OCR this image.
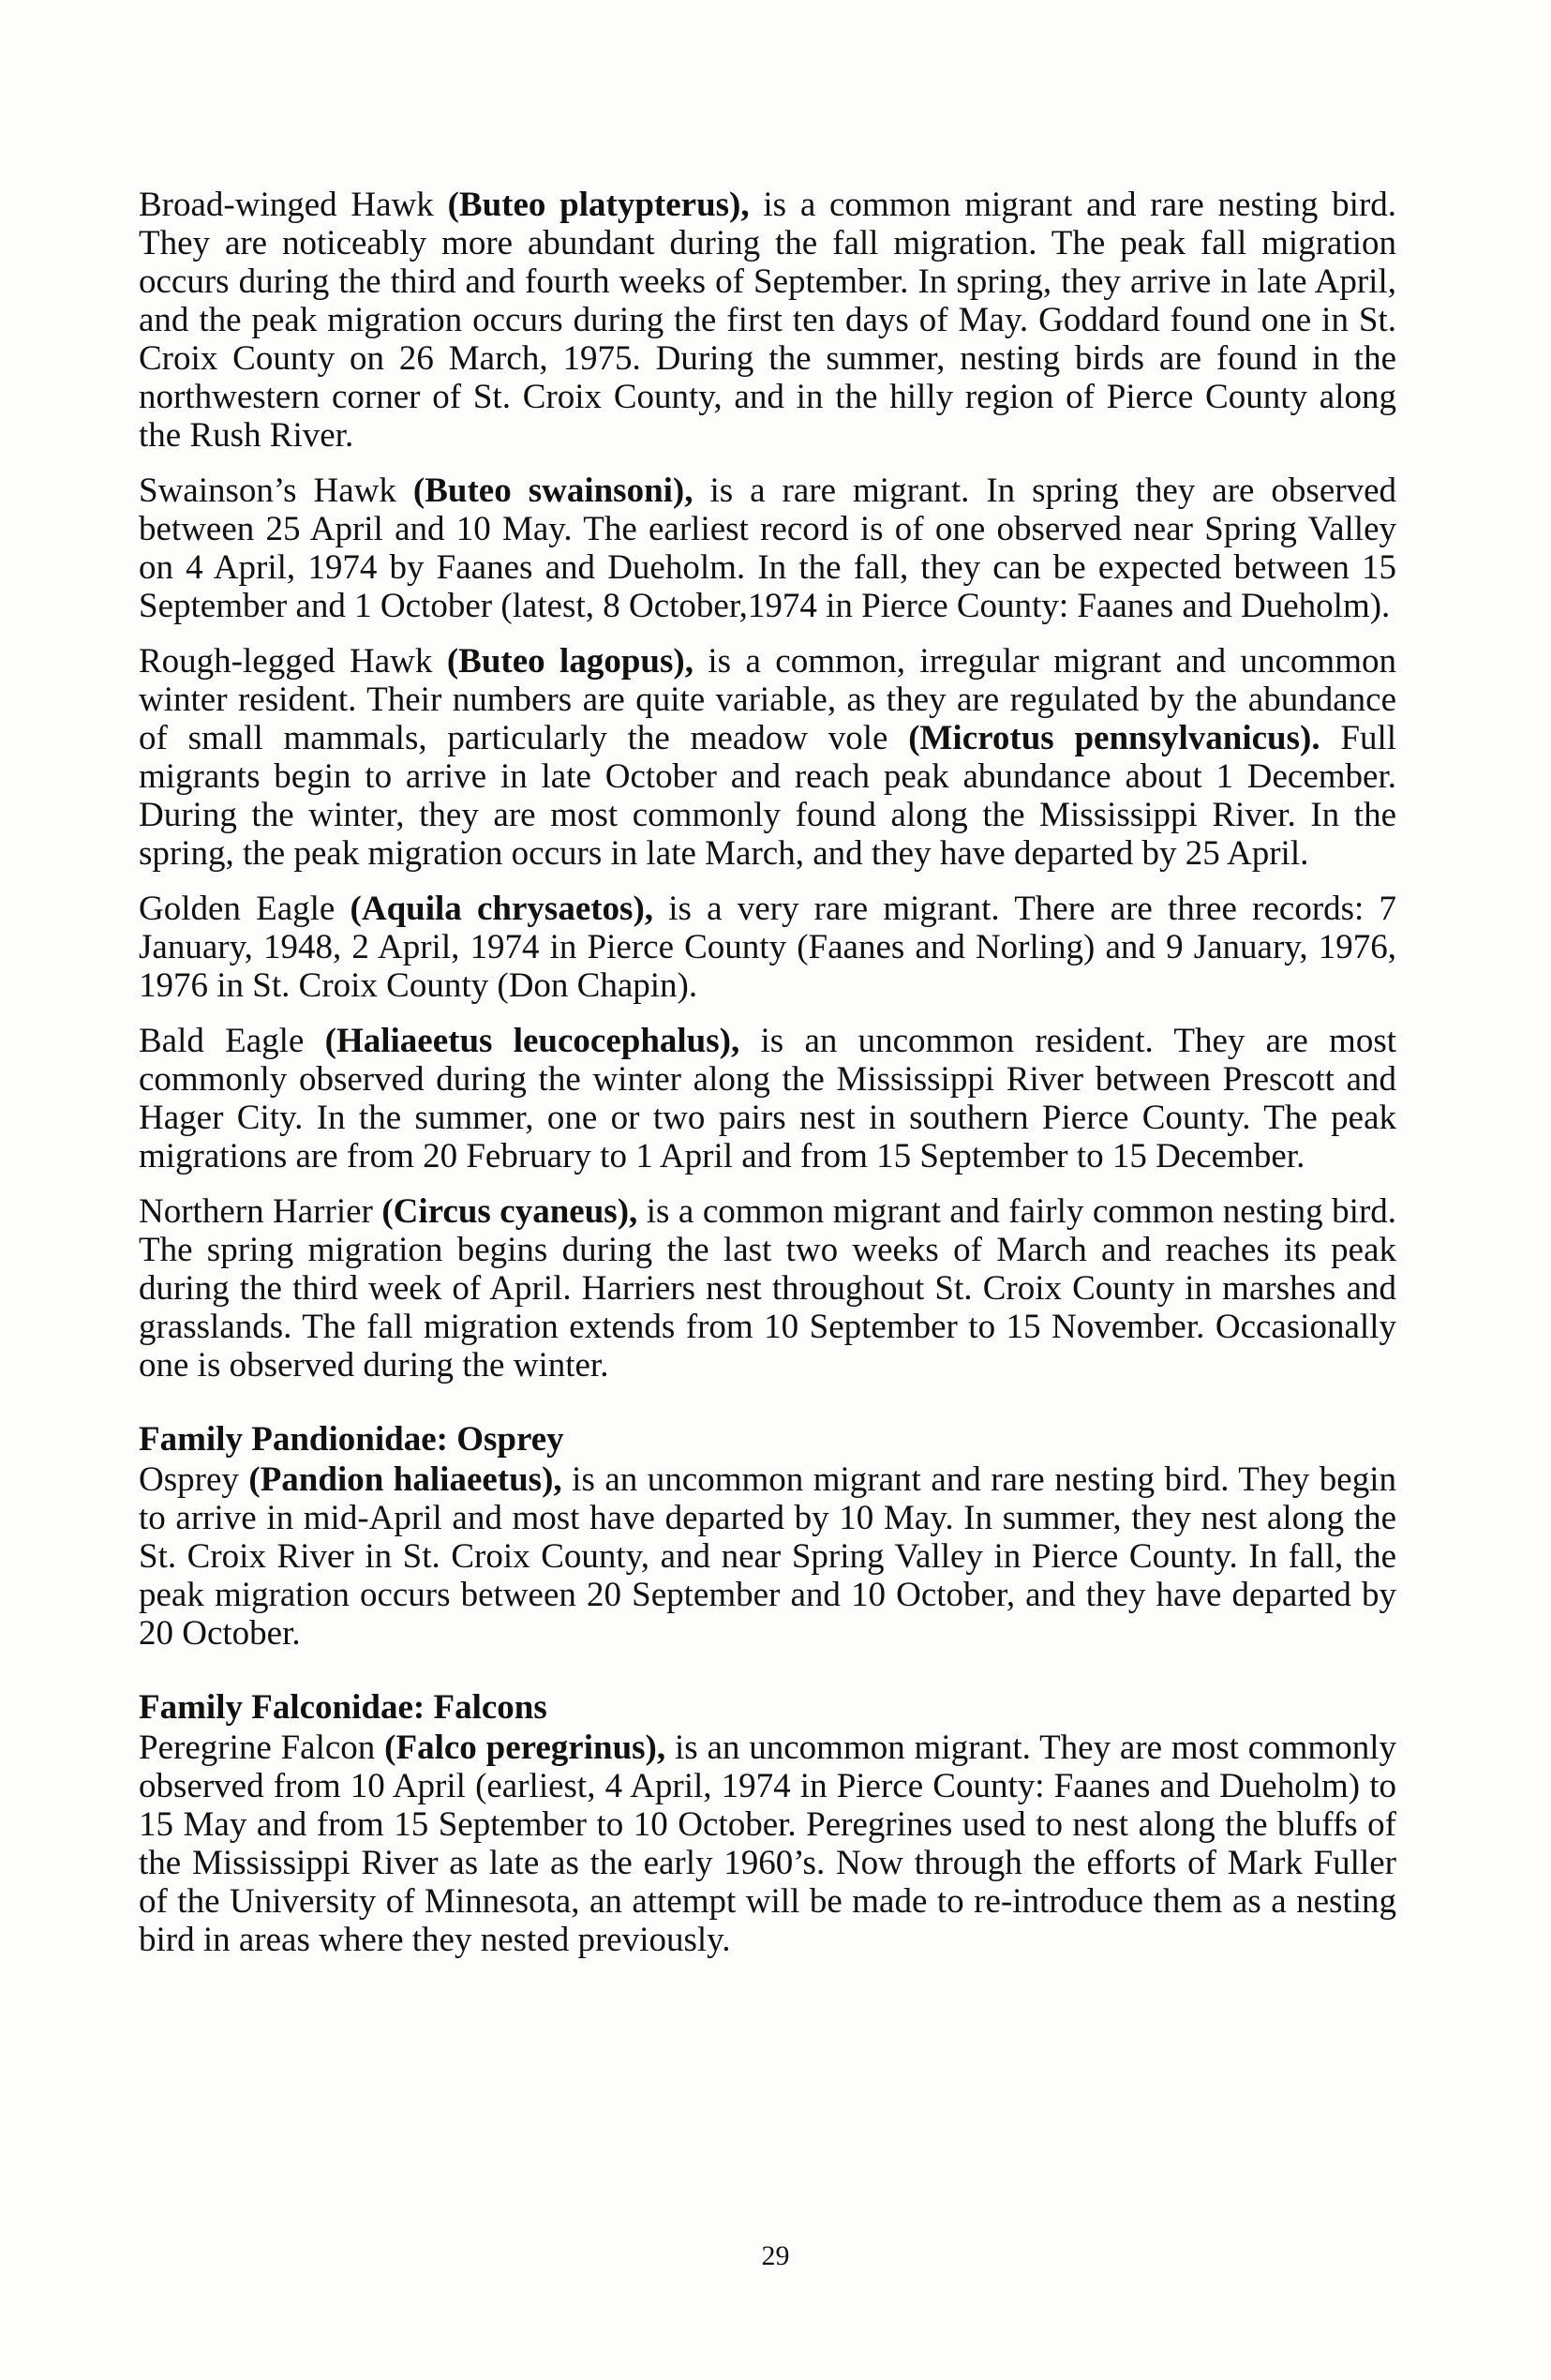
Broad-winged Hawk (Buteo platypterus), is a common migrant and rare nesting bird. They are noticeably more abundant during the fall migration. The peak fall migration occurs during the third and fourth weeks of September. In spring, they arrive in late April, and the peak migration occurs during the first ten days of May. Goddard found one in St. Croix County on 26 March, 1975. During the summer, nesting birds are found in the northwestern corner of St. Croix County, and in the hilly region of Pierce County along the Rush River.

Swainson’s Hawk (Buteo swainsoni), is a rare migrant. In spring they are observed between 25 April and 10 May. The earliest record is of one observed near Spring Valley on 4 April, 1974 by Faanes and Dueholm. In the fall, they can be expected between 15 September and 1 October (latest, 8 October,1974 in Pierce County: Faanes and Dueholm).

Rough-legged Hawk (Buteo lagopus), is a common, irregular migrant and uncommon winter resident. Their numbers are quite variable, as they are regulated by the abundance of small mammals, particularly the meadow vole (Microtus pennsylvanicus). Full migrants begin to arrive in late October and reach peak abundance about 1 December. During the winter, they are most commonly found along the Mississippi River. In the spring, the peak migration occurs in late March, and they have departed by 25 April.

Golden Eagle (Aquila chrysaetos), is a very rare migrant. There are three records: 7 January, 1948, 2 April, 1974 in Pierce County (Faanes and Norling) and 9 January, 1976, 1976 in St. Croix County (Don Chapin).

Bald Eagle (Haliaeetus leucocephalus), is an uncommon resident. They are most commonly observed during the winter along the Mississippi River between Prescott and Hager City. In the summer, one or two pairs nest in southern Pierce County. The peak migrations are from 20 February to 1 April and from 15 September to 15 December.

Northern Harrier (Circus cyaneus), is a common migrant and fairly common nesting bird. The spring migration begins during the last two weeks of March and reaches its peak during the third week of April. Harriers nest throughout St. Croix County in marshes and grasslands. The fall migration extends from 10 September to 15 November. Occasionally one is observed during the winter.

Family Pandionidae: Osprey

Osprey (Pandion haliaeetus), is an uncommon migrant and rare nesting bird. They begin to arrive in mid-April and most have departed by 10 May. In summer, they nest along the St. Croix River in St. Croix County, and near Spring Valley in Pierce County. In fall, the peak migration occurs between 20 September and 10 October, and they have departed by 20 October.

Family Falconidae: Falcons

Peregrine Falcon (Falco peregrinus), is an uncommon migrant. They are most commonly observed from 10 April (earliest, 4 April, 1974 in Pierce County: Faanes and Dueholm) to 15 May and from 15 September to 10 October. Peregrines used to nest along the bluffs of the Mississippi River as late as the early 1960’s. Now through the efforts of Mark Fuller of the University of Minnesota, an attempt will be made to re-introduce them as a nesting bird in areas where they nested previously.

29
